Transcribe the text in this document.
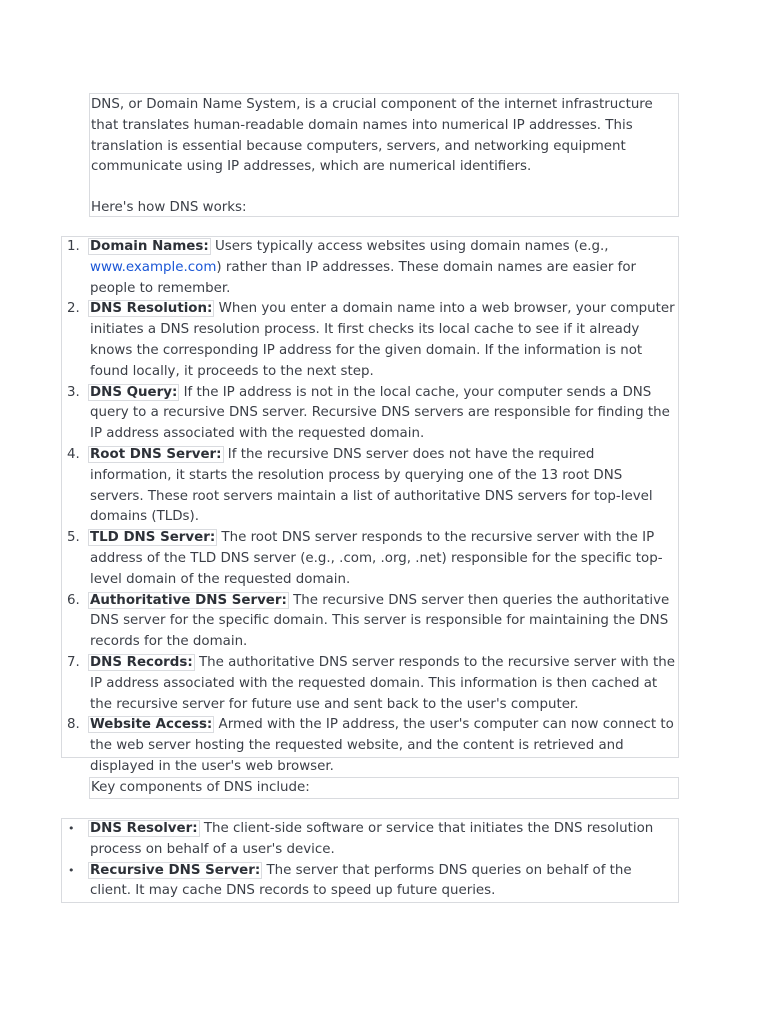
DNS, or Domain Name System, is a crucial component of the internet infrastructure that translates human-readable domain names into numerical IP addresses. This translation is essential because computers, servers, and networking equipment communicate using IP addresses, which are numerical identifiers.

Here's how DNS works:

1. Domain Names: Users typically access websites using domain names (e.g., www.example.com) rather than IP addresses. These domain names are easier for people to remember.
2. DNS Resolution: When you enter a domain name into a web browser, your computer initiates a DNS resolution process. It first checks its local cache to see if it already knows the corresponding IP address for the given domain. If the information is not found locally, it proceeds to the next step.
3. DNS Query: If the IP address is not in the local cache, your computer sends a DNS query to a recursive DNS server. Recursive DNS servers are responsible for finding the IP address associated with the requested domain.
4. Root DNS Server: If the recursive DNS server does not have the required information, it starts the resolution process by querying one of the 13 root DNS servers. These root servers maintain a list of authoritative DNS servers for top-level domains (TLDs).
5. TLD DNS Server: The root DNS server responds to the recursive server with the IP address of the TLD DNS server (e.g., .com, .org, .net) responsible for the specific top-level domain of the requested domain.
6. Authoritative DNS Server: The recursive DNS server then queries the authoritative DNS server for the specific domain. This server is responsible for maintaining the DNS records for the domain.
7. DNS Records: The authoritative DNS server responds to the recursive server with the IP address associated with the requested domain. This information is then cached at the recursive server for future use and sent back to the user's computer.
8. Website Access: Armed with the IP address, the user's computer can now connect to the web server hosting the requested website, and the content is retrieved and displayed in the user's web browser.

Key components of DNS include:

• DNS Resolver: The client-side software or service that initiates the DNS resolution process on behalf of a user's device.
• Recursive DNS Server: The server that performs DNS queries on behalf of the client. It may cache DNS records to speed up future queries.
